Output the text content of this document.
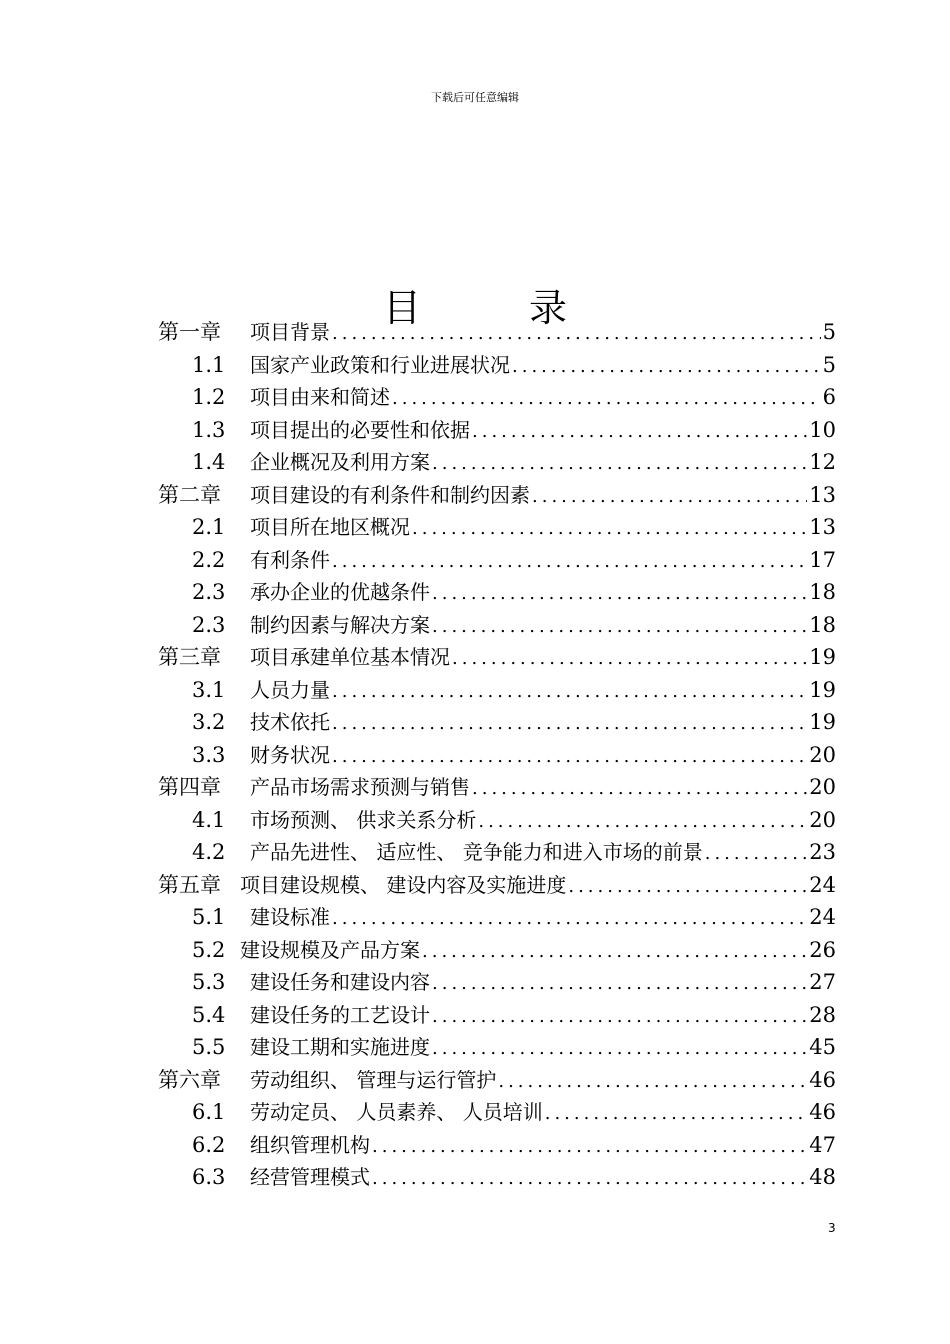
下载后可任意编辑
目 录
第一章	项目背景 .....	5
1.1	国家产业政策和行业进展状况 .....	5
1.2	项目由来和简述 .....	6
1.3	项目提出的必要性和依据 .....	10
1.4	企业概况及利用方案 .....	12
第二章	项目建设的有利条件和制约因素 .....	13
2.1	项目所在地区概况 .....	13
2.2	有利条件 .....	17
2.3	承办企业的优越条件 .....	18
2.3	制约因素与解决方案 .....	18
第三章	项目承建单位基本情况 .....	19
3.1	人员力量 .....	19
3.2	技术依托 .....	19
3.3	财务状况 .....	20
第四章	产品市场需求预测与销售 .....	20
4.1	市场预测、 供求关系分析 .....	20
4.2	产品先进性、 适应性、 竞争能力和进入市场的前景 .....	23
第五章 项目建设规模、 建设内容及实施进度 .....	24
5.1	建设标准 .....	24
5.2 建设规模及产品方案 .....	26
5.3	建设任务和建设内容 .....	27
5.4	建设任务的工艺设计 .....	28
5.5	建设工期和实施进度 .....	45
第六章	劳动组织、 管理与运行管护 .....	46
6.1	劳动定员、 人员素养、 人员培训 .....	46
6.2	组织管理机构 .....	47
6.3	经营管理模式 .....	48
3
